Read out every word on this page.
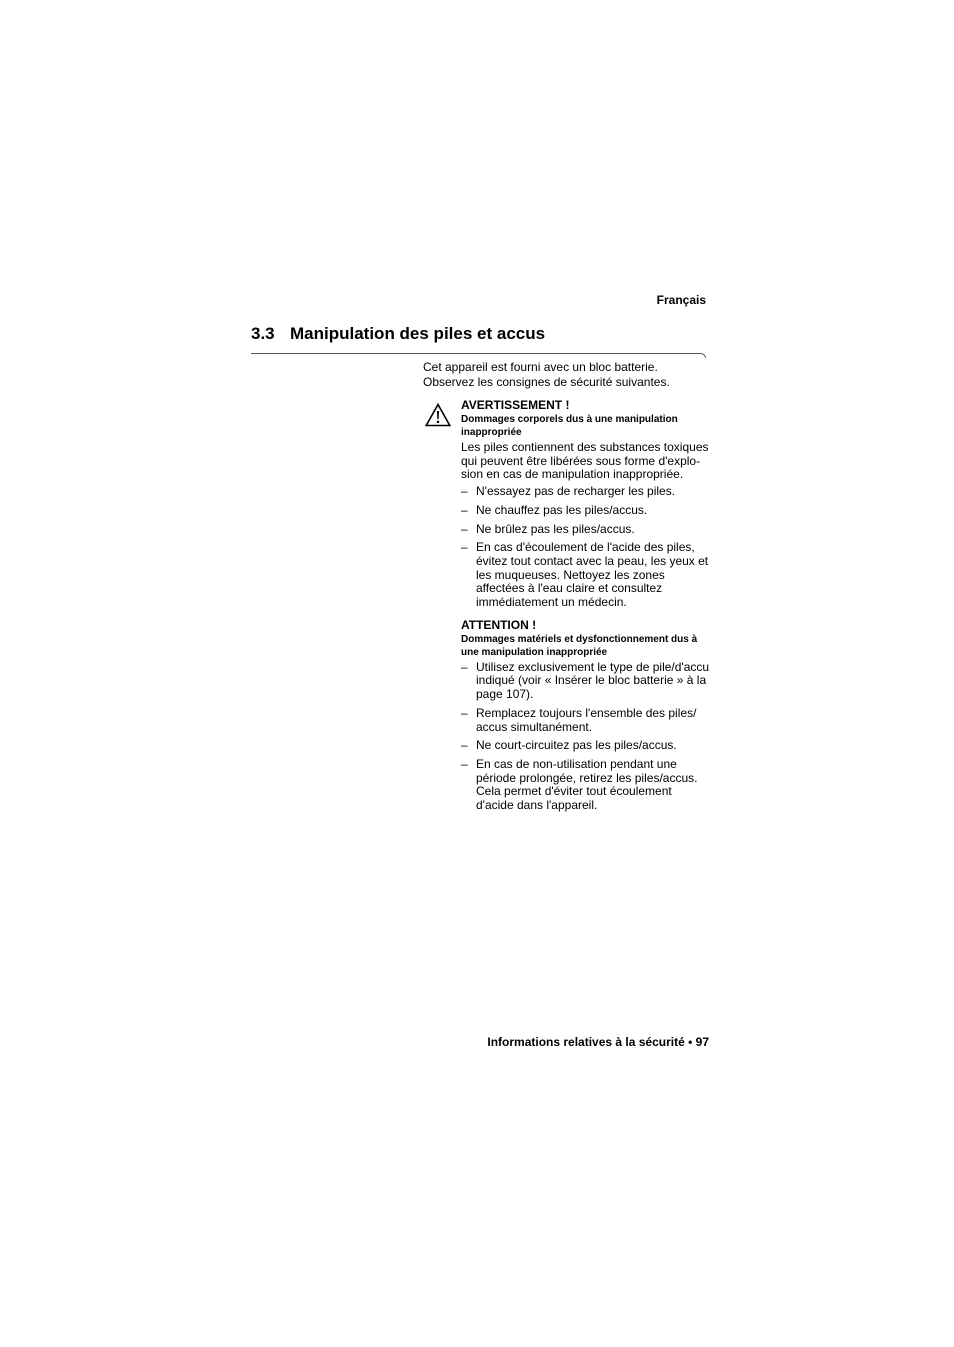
Français
3.3 Manipulation des piles et accus
Cet appareil est fourni avec un bloc batterie. Observez les consignes de sécurité suivantes.
AVERTISSEMENT !
Dommages corporels dus à une manipulation inappropriée

Les piles contiennent des substances toxiques qui peuvent être libérées sous forme d'explo-sion en cas de manipulation inappropriée.

– N'essayez pas de recharger les piles.
– Ne chauffez pas les piles/accus.
– Ne brûlez pas les piles/accus.
– En cas d'écoulement de l'acide des piles, évitez tout contact avec la peau, les yeux et les muqueuses. Nettoyez les zones affectées à l'eau claire et consultez immédiatement un médecin.
ATTENTION !
Dommages matériels et dysfonctionnement dus à une manipulation inappropriée
– Utilisez exclusivement le type de pile/d'accu indiqué (voir « Insérer le bloc batterie » à la page 107).
– Remplacez toujours l'ensemble des piles/ accus simultanément.
– Ne court-circuitez pas les piles/accus.
– En cas de non-utilisation pendant une période prolongée, retirez les piles/accus. Cela permet d'éviter tout écoulement d'acide dans l'appareil.
Informations relatives à la sécurité • 97
